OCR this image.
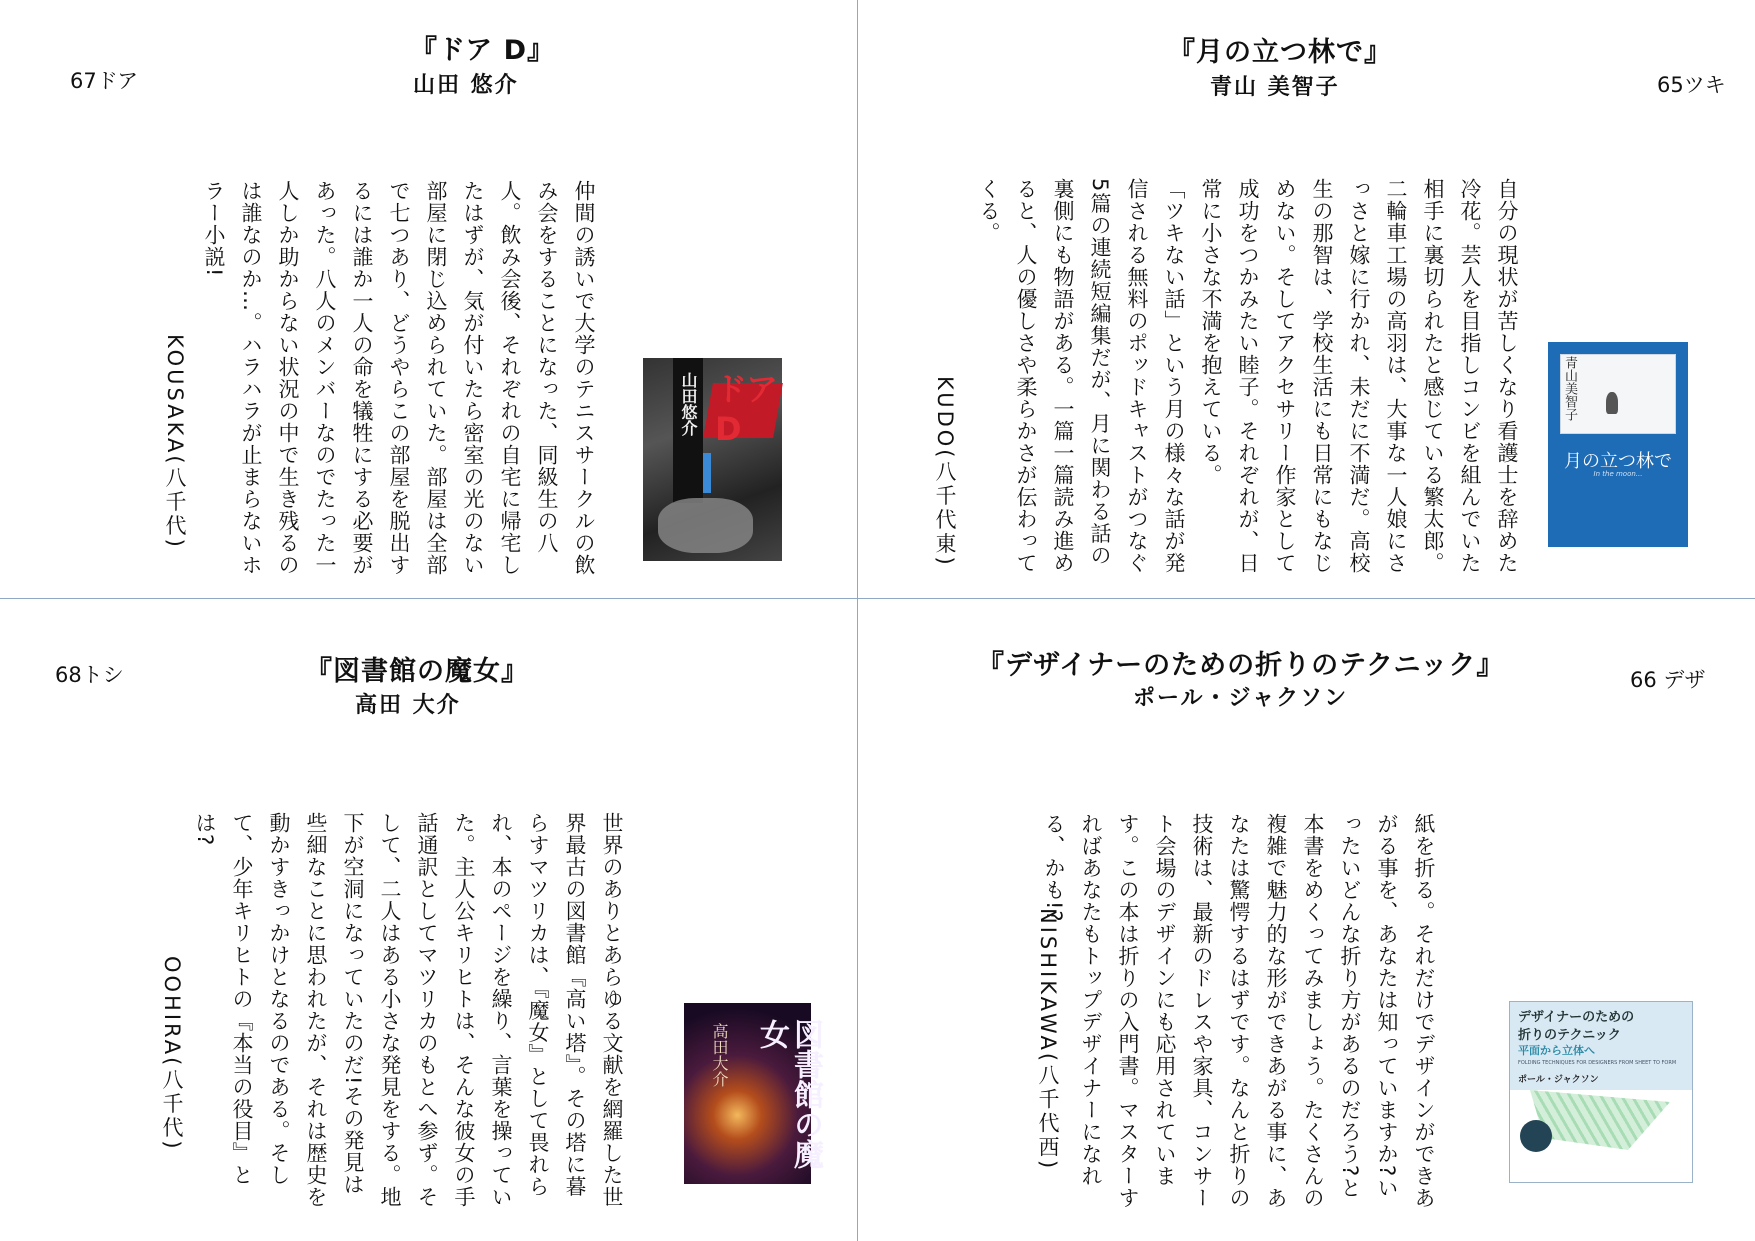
『ドア D』
山田 悠介
67ドア

仲間の誘いで大学のテニスサークルの飲み会をすることになった、同級生の八人。飲み会後、それぞれの自宅に帰宅したはずが、気が付いたら密室の光のない部屋に閉じ込められていた。部屋は全部で七つあり、どうやらこの部屋を脱出するには誰か一人の命を犠牲にする必要があった。八人のメンバーなのでたった一人しか助からない状況の中で生き残るのは誰なのか…。ハラハラが止まらないホラー小説!

KOUSAKA(八千代)	山田悠介 ドアD
『月の立つ林で』
青山 美智子	65ツキ

自分の現状が苦しくなり看護士を辞めた冷花。芸人を目指しコンビを組んでいた相手に裏切られたと感じている繁太郎。二輪車工場の高羽は、大事な一人娘にさっさと嫁に行かれ、未だに不満だ。高校生の那智は、学校生活にも日常にもなじめない。そしてアクセサリー作家として成功をつかみたい睦子。それぞれが、日常に小さな不満を抱えている。

「ツキない話」という月の様々な話が発信される無料のポッドキャストがつなぐ5篇の連続短編集だが、月に関わる話の裏側にも物語がある。一篇一篇読み進めると、人の優しさや柔らかさが伝わってくる。

KUDO(八千代東)	青山美智子
月の立つ林で
In the moon...
『図書館の魔女』
高田 大介
68トシ

世界のありとあらゆる文献を網羅した世界最古の図書館『高い塔』。その塔に暮らすマツリカは、『魔女』として畏れられ、本のページを繰り、言葉を操っていた。主人公キリヒトは、そんな彼女の手話通訳としてマツリカのもとへ参ず。そして、二人はある小さな発見をする。地下が空洞になっていたのだ!その発見は些細なことに思われたが、それは歴史を動かすきっかけとなるのである。そして、少年キリヒトの『本当の役目』とは?

OOHIRA(八千代)	図書館の魔女
高田大介
『デザイナーのための折りのテクニック』
ポール・ジャクソン
66 デザ

紙を折る。それだけでデザインができあがる事を、あなたは知っていますか?いったいどんな折り方があるのだろう?と本書をめくってみましょう。たくさんの複雑で魅力的な形ができあがる事に、あなたは驚愕するはずです。なんと折りの技術は、最新のドレスや家具、コンサート会場のデザインにも応用されています。この本は折りの入門書。マスターすればあなたもトップデザイナーになれる、かも!?

NISHIKAWA(八千代西)	デザイナーのための
折りのテクニック
平面から立体へ
FOLDING TECHNIQUES FOR DESIGNERS FROM SHEET TO FORM
ポール・ジャクソン
